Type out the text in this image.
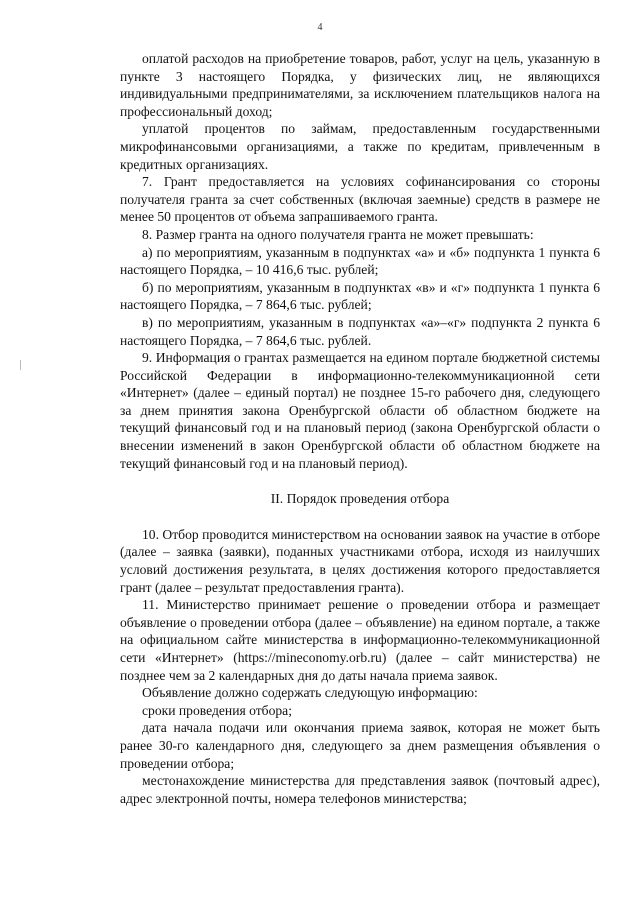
4

оплатой расходов на приобретение товаров, работ, услуг на цель, указанную в пункте 3 настоящего Порядка, у физических лиц, не являющихся индивидуальными предпринимателями, за исключением плательщиков налога на профессиональный доход;

уплатой процентов по займам, предоставленным государственными микрофинансовыми организациями, а также по кредитам, привлеченным в кредитных организациях.

7. Грант предоставляется на условиях софинансирования со стороны получателя гранта за счет собственных (включая заемные) средств в размере не менее 50 процентов от объема запрашиваемого гранта.

8. Размер гранта на одного получателя гранта не может превышать:

а) по мероприятиям, указанным в подпунктах «а» и «б» подпункта 1 пункта 6 настоящего Порядка, – 10 416,6 тыс. рублей;

б) по мероприятиям, указанным в подпунктах «в» и «г» подпункта 1 пункта 6 настоящего Порядка, – 7 864,6 тыс. рублей;

в) по мероприятиям, указанным в подпунктах «а»–«г» подпункта 2 пункта 6 настоящего Порядка, – 7 864,6 тыс. рублей.

9. Информация о грантах размещается на едином портале бюджетной системы Российской Федерации в информационно-телекоммуникационной сети «Интернет» (далее – единый портал) не позднее 15-го рабочего дня, следующего за днем принятия закона Оренбургской области об областном бюджете на текущий финансовый год и на плановый период (закона Оренбургской области о внесении изменений в закон Оренбургской области об областном бюджете на текущий финансовый год и на плановый период).

II. Порядок проведения отбора

10. Отбор проводится министерством на основании заявок на участие в отборе (далее – заявка (заявки), поданных участниками отбора, исходя из наилучших условий достижения результата, в целях достижения которого предоставляется грант (далее – результат предоставления гранта).

11. Министерство принимает решение о проведении отбора и размещает объявление о проведении отбора (далее – объявление) на едином портале, а также на официальном сайте министерства в информационно-телекоммуникационной сети «Интернет» (https://mineconomy.orb.ru) (далее – сайт министерства) не позднее чем за 2 календарных дня до даты начала приема заявок.

Объявление должно содержать следующую информацию:

сроки проведения отбора;

дата начала подачи или окончания приема заявок, которая не может быть ранее 30-го календарного дня, следующего за днем размещения объявления о проведении отбора;

местонахождение министерства для представления заявок (почтовый адрес), адрес электронной почты, номера телефонов министерства;
